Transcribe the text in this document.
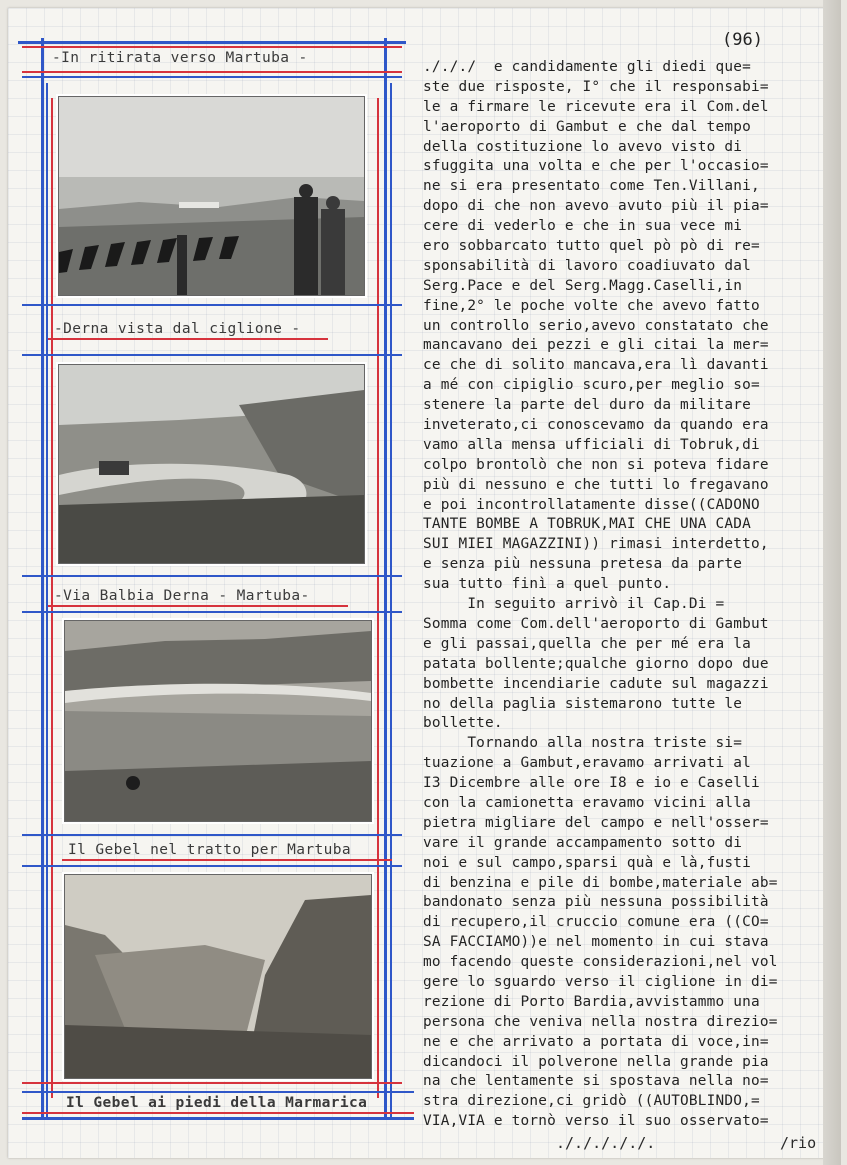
(96)
-In ritirata verso Martuba -
-Derna vista dal ciglione -
-Via Balbia Derna - Martuba-
Il Gebel nel tratto per Martuba
Il Gebel ai piedi della Marmarica
./././  e candidamente gli diedi que=
ste due risposte, I° che il responsabi=
le a firmare le ricevute era il Com.del
l'aeroporto di Gambut e che dal tempo
della costituzione lo avevo visto di
sfuggita una volta e che per l'occasio=
ne si era presentato come Ten.Villani,
dopo di che non avevo avuto più il pia=
cere di vederlo e che in sua vece mi
ero sobbarcato tutto quel pò pò di re=
sponsabilità di lavoro coadiuvato dal
Serg.Pace e del Serg.Magg.Caselli,in
fine,2° le poche volte che avevo fatto
un controllo serio,avevo constatato che
mancavano dei pezzi e gli citai la mer=
ce che di solito mancava,era lì davanti
a mé con cipiglio scuro,per meglio so=
stenere la parte del duro da militare
inveterato,ci conoscevamo da quando era
vamo alla mensa ufficiali di Tobruk,di
colpo brontolò che non si poteva fidare
più di nessuno e che tutti lo fregavano
e poi incontrollatamente disse((CADONO
TANTE BOMBE A TOBRUK,MAI CHE UNA CADA
SUI MIEI MAGAZZINI)) rimasi interdetto,
e senza più nessuna pretesa da parte
sua tutto finì a quel punto.
In seguito arrivò il Cap.Di =
Somma come Com.dell'aeroporto di Gambut
e gli passai,quella che per mé era la
patata bollente;qualche giorno dopo due
bombette incendiarie cadute sul magazzi
no della paglia sistemarono tutte le
bollette.
Tornando alla nostra triste si=
tuazione a Gambut,eravamo arrivati al
I3 Dicembre alle ore I8 e io e Caselli
con la camionetta eravamo vicini alla
pietra migliare del campo e nell'osser=
vare il grande accampamento sotto di
noi e sul campo,sparsi quà e là,fusti
di benzina e pile di bombe,materiale ab=
bandonato senza più nessuna possibilità
di recupero,il cruccio comune era ((CO=
SA FACCIAMO))e nel momento in cui stava
mo facendo queste considerazioni,nel vol
gere lo sguardo verso il ciglione in di=
rezione di Porto Bardia,avvistammo una
persona che veniva nella nostra direzio=
ne e che arrivato a portata di voce,in=
dicandoci il polverone nella grande pia
na che lentamente si spostava nella no=
stra direzione,ci gridò ((AUTOBLINDO,=
VIA,VIA e tornò verso il suo osservato=
./././././.	/rio
